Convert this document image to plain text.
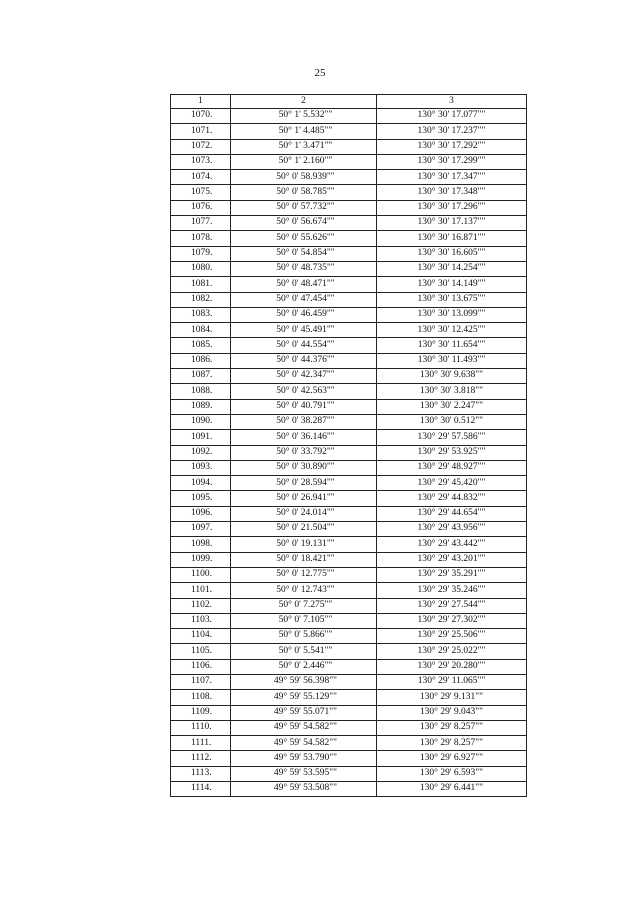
25
1	2	3
1070.	50° 1' 5.532""	130° 30' 17.077""
1071.	50° 1' 4.485""	130° 30' 17.237""
1072.	50° 1' 3.471""	130° 30' 17.292""
1073.	50° 1' 2.160""	130° 30' 17.299""
1074.	50° 0' 58.939""	130° 30' 17.347""
1075.	50° 0' 58.785""	130° 30' 17.348""
1076.	50° 0' 57.732""	130° 30' 17.296""
1077.	50° 0' 56.674""	130° 30' 17.137""
1078.	50° 0' 55.626""	130° 30' 16.871""
1079.	50° 0' 54.854""	130° 30' 16.605""
1080.	50° 0' 48.735""	130° 30' 14.254""
1081.	50° 0' 48.471""	130° 30' 14.149""
1082.	50° 0' 47.454""	130° 30' 13.675""
1083.	50° 0' 46.459""	130° 30' 13.099""
1084.	50° 0' 45.491""	130° 30' 12.425""
1085.	50° 0' 44.554""	130° 30' 11.654""
1086.	50° 0' 44.376""	130° 30' 11.493""
1087.	50° 0' 42.347""	130° 30' 9.638""
1088.	50° 0' 42.563""	130° 30' 3.818""
1089.	50° 0' 40.791""	130° 30' 2.247""
1090.	50° 0' 38.287""	130° 30' 0.512""
1091.	50° 0' 36.146""	130° 29' 57.586""
1092.	50° 0' 33.792""	130° 29' 53.925""
1093.	50° 0' 30.890""	130° 29' 48.927""
1094.	50° 0' 28.594""	130° 29' 45.420""
1095.	50° 0' 26.941""	130° 29' 44.832""
1096.	50° 0' 24.014""	130° 29' 44.654""
1097.	50° 0' 21.504""	130° 29' 43.956""
1098.	50° 0' 19.131""	130° 29' 43.442""
1099.	50° 0' 18.421""	130° 29' 43.201""
1100.	50° 0' 12.775""	130° 29' 35.291""
1101.	50° 0' 12.743""	130° 29' 35.246""
1102.	50° 0' 7.275""	130° 29' 27.544""
1103.	50° 0' 7.105""	130° 29' 27.302""
1104.	50° 0' 5.866""	130° 29' 25.506""
1105.	50° 0' 5.541""	130° 29' 25.022""
1106.	50° 0' 2.446""	130° 29' 20.280""
1107.	49° 59' 56.398""	130° 29' 11.065""
1108.	49° 59' 55.129""	130° 29' 9.131""
1109.	49° 59' 55.071""	130° 29' 9.043""
1110.	49° 59' 54.582""	130° 29' 8.257""
1111.	49° 59' 54.582""	130° 29' 8.257""
1112.	49° 59' 53.790""	130° 29' 6.927""
1113.	49° 59' 53.595""	130° 29' 6.593""
1114.	49° 59' 53.508""	130° 29' 6.441""
